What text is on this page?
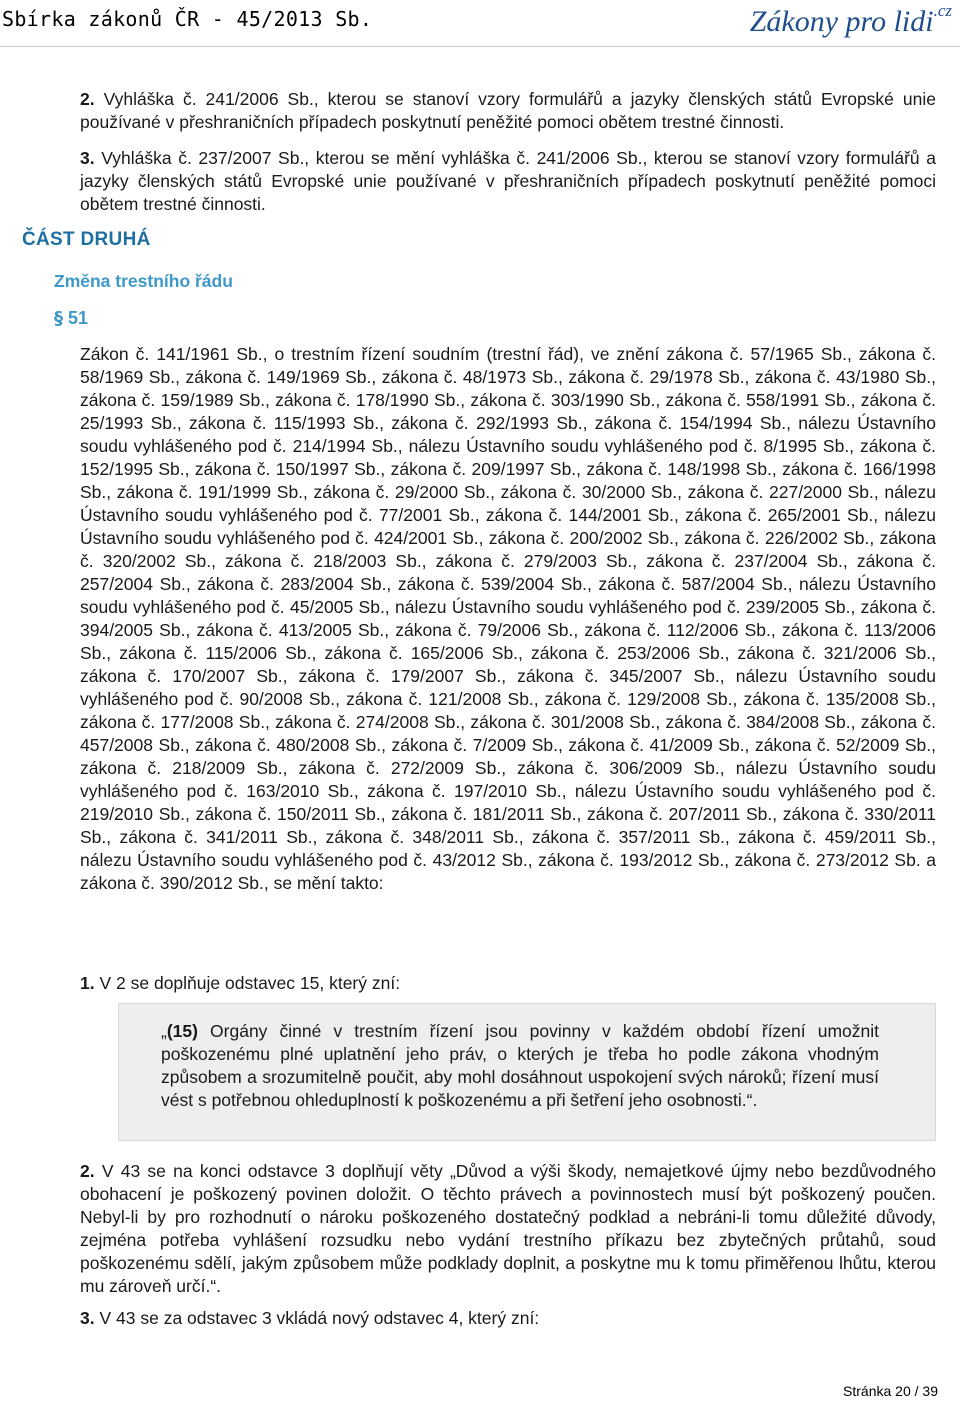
Sbírka zákonů ČR - 45/2013 Sb.	Zákony pro lidi$^{.cz}$
2. Vyhláška č. 241/2006 Sb., kterou se stanoví vzory formulářů a jazyky členských států Evropské unie používané v přeshraničních případech poskytnutí peněžité pomoci obětem trestné činnosti.
3. Vyhláška č. 237/2007 Sb., kterou se mění vyhláška č. 241/2006 Sb., kterou se stanoví vzory formulářů a jazyky členských států Evropské unie používané v přeshraničních případech poskytnutí peněžité pomoci obětem trestné činnosti.
ČÁST DRUHÁ
Změna trestního řádu
§ 51
Zákon č. 141/1961 Sb., o trestním řízení soudním (trestní řád), ve znění zákona č. 57/1965 Sb., zákona č. 58/1969 Sb., zákona č. 149/1969 Sb., zákona č. 48/1973 Sb., zákona č. 29/1978 Sb., zákona č. 43/1980 Sb., zákona č. 159/1989 Sb., zákona č. 178/1990 Sb., zákona č. 303/1990 Sb., zákona č. 558/1991 Sb., zákona č. 25/1993 Sb., zákona č. 115/1993 Sb., zákona č. 292/1993 Sb., zákona č. 154/1994 Sb., nálezu Ústavního soudu vyhlášeného pod č. 214/1994 Sb., nálezu Ústavního soudu vyhlášeného pod č. 8/1995 Sb., zákona č. 152/1995 Sb., zákona č. 150/1997 Sb., zákona č. 209/1997 Sb., zákona č. 148/1998 Sb., zákona č. 166/1998 Sb., zákona č. 191/1999 Sb., zákona č. 29/2000 Sb., zákona č. 30/2000 Sb., zákona č. 227/2000 Sb., nálezu Ústavního soudu vyhlášeného pod č. 77/2001 Sb., zákona č. 144/2001 Sb., zákona č. 265/2001 Sb., nálezu Ústavního soudu vyhlášeného pod č. 424/2001 Sb., zákona č. 200/2002 Sb., zákona č. 226/2002 Sb., zákona č. 320/2002 Sb., zákona č. 218/2003 Sb., zákona č. 279/2003 Sb., zákona č. 237/2004 Sb., zákona č. 257/2004 Sb., zákona č. 283/2004 Sb., zákona č. 539/2004 Sb., zákona č. 587/2004 Sb., nálezu Ústavního soudu vyhlášeného pod č. 45/2005 Sb., nálezu Ústavního soudu vyhlášeného pod č. 239/2005 Sb., zákona č. 394/2005 Sb., zákona č. 413/2005 Sb., zákona č. 79/2006 Sb., zákona č. 112/2006 Sb., zákona č. 113/2006 Sb., zákona č. 115/2006 Sb., zákona č. 165/2006 Sb., zákona č. 253/2006 Sb., zákona č. 321/2006 Sb., zákona č. 170/2007 Sb., zákona č. 179/2007 Sb., zákona č. 345/2007 Sb., nálezu Ústavního soudu vyhlášeného pod č. 90/2008 Sb., zákona č. 121/2008 Sb., zákona č. 129/2008 Sb., zákona č. 135/2008 Sb., zákona č. 177/2008 Sb., zákona č. 274/2008 Sb., zákona č. 301/2008 Sb., zákona č. 384/2008 Sb., zákona č. 457/2008 Sb., zákona č. 480/2008 Sb., zákona č. 7/2009 Sb., zákona č. 41/2009 Sb., zákona č. 52/2009 Sb., zákona č. 218/2009 Sb., zákona č. 272/2009 Sb., zákona č. 306/2009 Sb., nálezu Ústavního soudu vyhlášeného pod č. 163/2010 Sb., zákona č. 197/2010 Sb., nálezu Ústavního soudu vyhlášeného pod č. 219/2010 Sb., zákona č. 150/2011 Sb., zákona č. 181/2011 Sb., zákona č. 207/2011 Sb., zákona č. 330/2011 Sb., zákona č. 341/2011 Sb., zákona č. 348/2011 Sb., zákona č. 357/2011 Sb., zákona č. 459/2011 Sb., nálezu Ústavního soudu vyhlášeného pod č. 43/2012 Sb., zákona č. 193/2012 Sb., zákona č. 273/2012 Sb. a zákona č. 390/2012 Sb., se mění takto:
1. V 2 se doplňuje odstavec 15, který zní:
„(15) Orgány činné v trestním řízení jsou povinny v každém období řízení umožnit poškozenému plné uplatnění jeho práv, o kterých je třeba ho podle zákona vhodným způsobem a srozumitelně poučit, aby mohl dosáhnout uspokojení svých nároků; řízení musí vést s potřebnou ohleduplností k poškozenému a při šetření jeho osobnosti.“.
2. V 43 se na konci odstavce 3 doplňují věty „Důvod a výši škody, nemajetkové újmy nebo bezdůvodného obohacení je poškozený povinen doložit. O těchto právech a povinnostech musí být poškozený poučen. Nebyl-li by pro rozhodnutí o nároku poškozeného dostatečný podklad a nebráni-li tomu důležité důvody, zejména potřeba vyhlášení rozsudku nebo vydání trestního příkazu bez zbytečných průtahů, soud poškozenému sdělí, jakým způsobem může podklady doplnit, a poskytne mu k tomu přiměřenou lhůtu, kterou mu zároveň určí.“.
3. V 43 se za odstavec 3 vkládá nový odstavec 4, který zní:
Stránka 20 / 39
